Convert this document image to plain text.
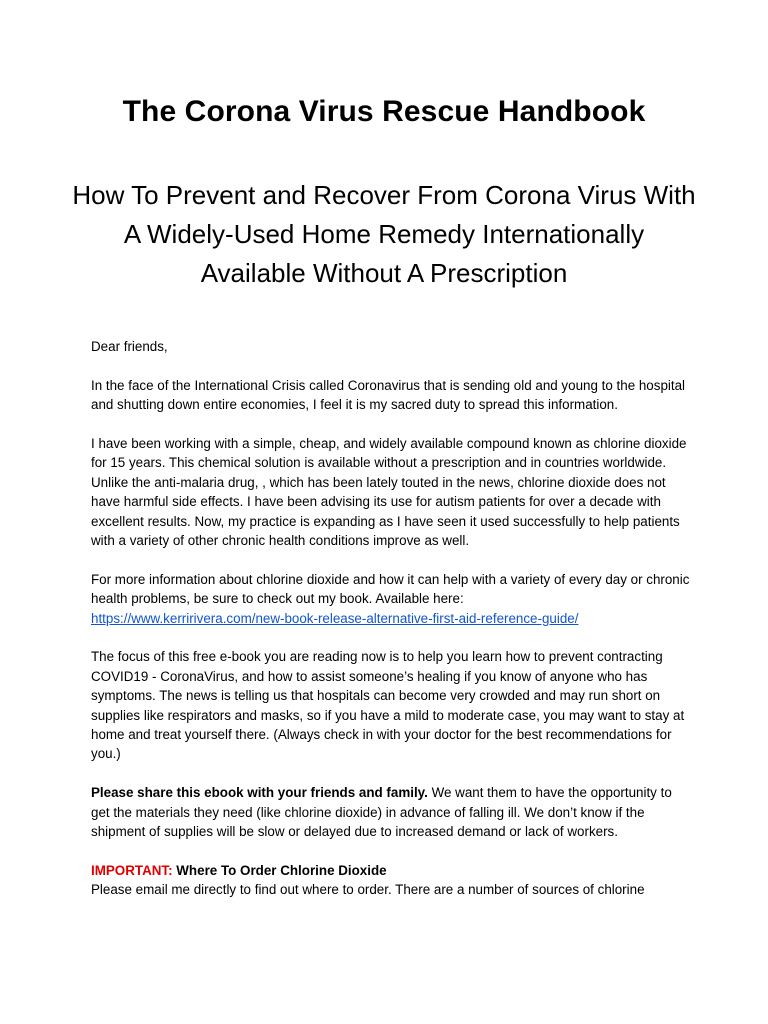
The Corona Virus Rescue Handbook
How To Prevent and Recover From Corona Virus With A Widely-Used Home Remedy Internationally Available Without A Prescription

Dear friends,

In the face of the International Crisis called Coronavirus that is sending old and young to the hospital and shutting down entire economies, I feel it is my sacred duty to spread this information.

I have been working with a simple, cheap, and widely available compound known as chlorine dioxide for 15 years. This chemical solution is available without a prescription and in countries worldwide. Unlike the anti-malaria drug, , which has been lately touted in the news, chlorine dioxide does not have harmful side effects. I have been advising its use for autism patients for over a decade with excellent results. Now, my practice is expanding as I have seen it used successfully to help patients with a variety of other chronic health conditions improve as well.

For more information about chlorine dioxide and how it can help with a variety of every day or chronic health problems, be sure to check out my book. Available here:
https://www.kerririvera.com/new-book-release-alternative-first-aid-reference-guide/

The focus of this free e-book you are reading now is to help you learn how to prevent contracting COVID19 - CoronaVirus, and how to assist someone’s healing if you know of anyone who has symptoms. The news is telling us that hospitals can become very crowded and may run short on supplies like respirators and masks, so if you have a mild to moderate case, you may want to stay at home and treat yourself there. (Always check in with your doctor for the best recommendations for you.)

Please share this ebook with your friends and family. We want them to have the opportunity to get the materials they need (like chlorine dioxide) in advance of falling ill. We don’t know if the shipment of supplies will be slow or delayed due to increased demand or lack of workers.

IMPORTANT: Where To Order Chlorine Dioxide

Please email me directly to find out where to order. There are a number of sources of chlorine
